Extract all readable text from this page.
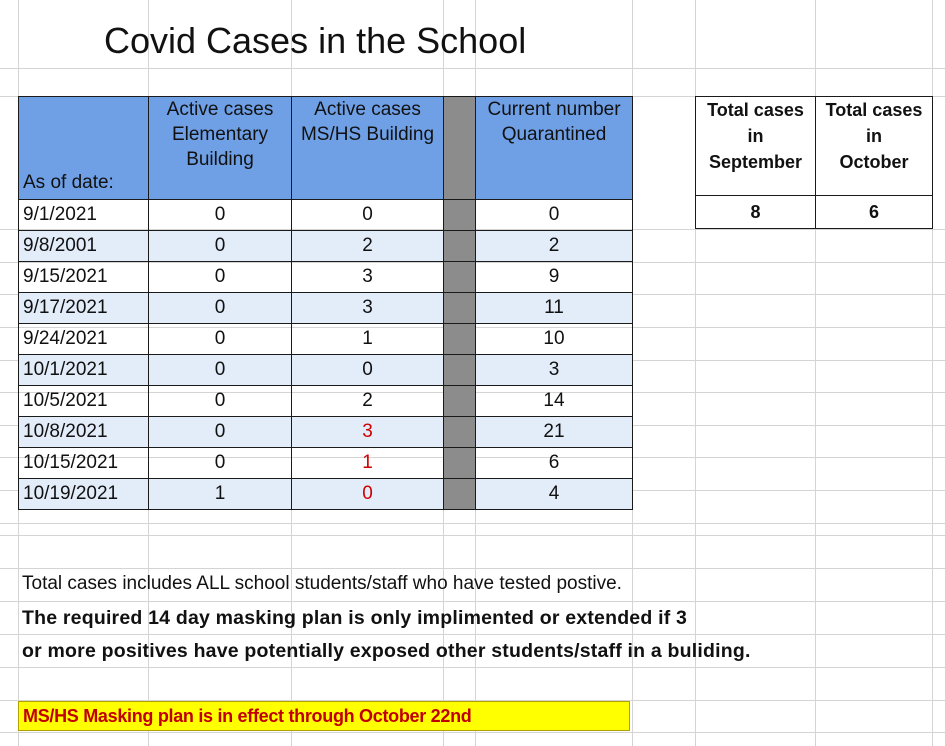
Covid Cases in the School
As of date:	Active cases
Elementary
Building	Active cases
MS/HS Building		Current number
Quarantined
9/1/2021	0	0		0
9/8/2001	0	2		2
9/15/2021	0	3		9
9/17/2021	0	3		11
9/24/2021	0	1		10
10/1/2021	0	0		3
10/5/2021	0	2		14
10/8/2021	0	3		21
10/15/2021	0	1		6
10/19/2021	1	0		4
Total cases
in
September	Total cases
in
October
8	6
Total cases includes ALL school students/staff who have tested postive.
The required 14 day masking plan is only implimented or extended if 3
or more positives have potentially exposed other students/staff in a buliding.
MS/HS Masking plan is in effect through October 22nd
